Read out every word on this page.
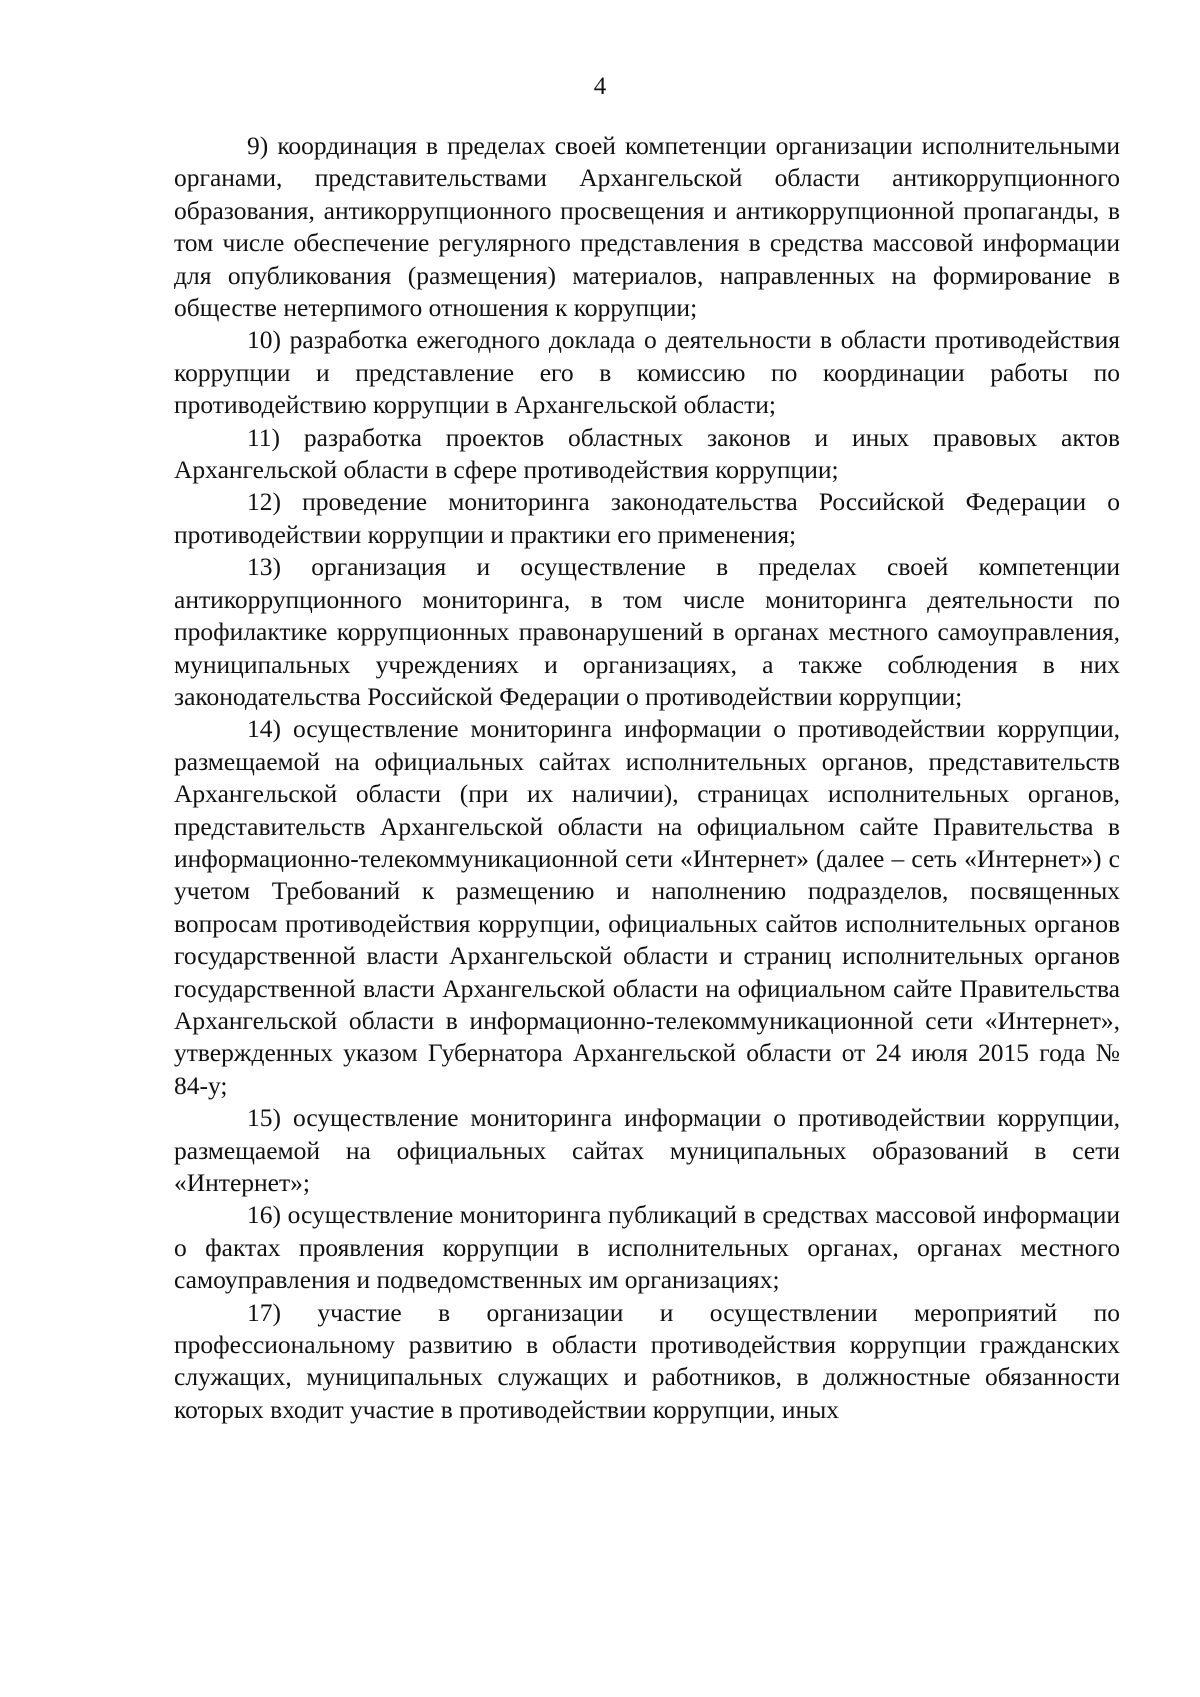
4

9) координация в пределах своей компетенции организации исполнительными органами, представительствами Архангельской области антикоррупционного образования, антикоррупционного просвещения и антикоррупционной пропаганды, в том числе обеспечение регулярного представления в средства массовой информации для опубликования (размещения) материалов, направленных на формирование в обществе нетерпимого отношения к коррупции;

10) разработка ежегодного доклада о деятельности в области противодействия коррупции и представление его в комиссию по координации работы по противодействию коррупции в Архангельской области;

11) разработка проектов областных законов и иных правовых актов Архангельской области в сфере противодействия коррупции;

12) проведение мониторинга законодательства Российской Федерации о противодействии коррупции и практики его применения;

13) организация и осуществление в пределах своей компетенции антикоррупционного мониторинга, в том числе мониторинга деятельности по профилактике коррупционных правонарушений в органах местного самоуправления, муниципальных учреждениях и организациях, а также соблюдения в них законодательства Российской Федерации о противодействии коррупции;

14) осуществление мониторинга информации о противодействии коррупции, размещаемой на официальных сайтах исполнительных органов, представительств Архангельской области (при их наличии), страницах исполнительных органов, представительств Архангельской области на официальном сайте Правительства в информационно-телекоммуникационной сети «Интернет» (далее – сеть «Интернет») с учетом Требований к размещению и наполнению подразделов, посвященных вопросам противодействия коррупции, официальных сайтов исполнительных органов государственной власти Архангельской области и страниц исполнительных органов государственной власти Архангельской области на официальном сайте Правительства Архангельской области в информационно-телекоммуникационной сети «Интернет», утвержденных указом Губернатора Архангельской области от 24 июля 2015 года № 84-у;

15) осуществление мониторинга информации о противодействии коррупции, размещаемой на официальных сайтах муниципальных образований в сети «Интернет»;

16) осуществление мониторинга публикаций в средствах массовой информации о фактах проявления коррупции в исполнительных органах, органах местного самоуправления и подведомственных им организациях;

17) участие в организации и осуществлении мероприятий по профессиональному развитию в области противодействия коррупции гражданских служащих, муниципальных служащих и работников, в должностные обязанности которых входит участие в противодействии коррупции, иных
